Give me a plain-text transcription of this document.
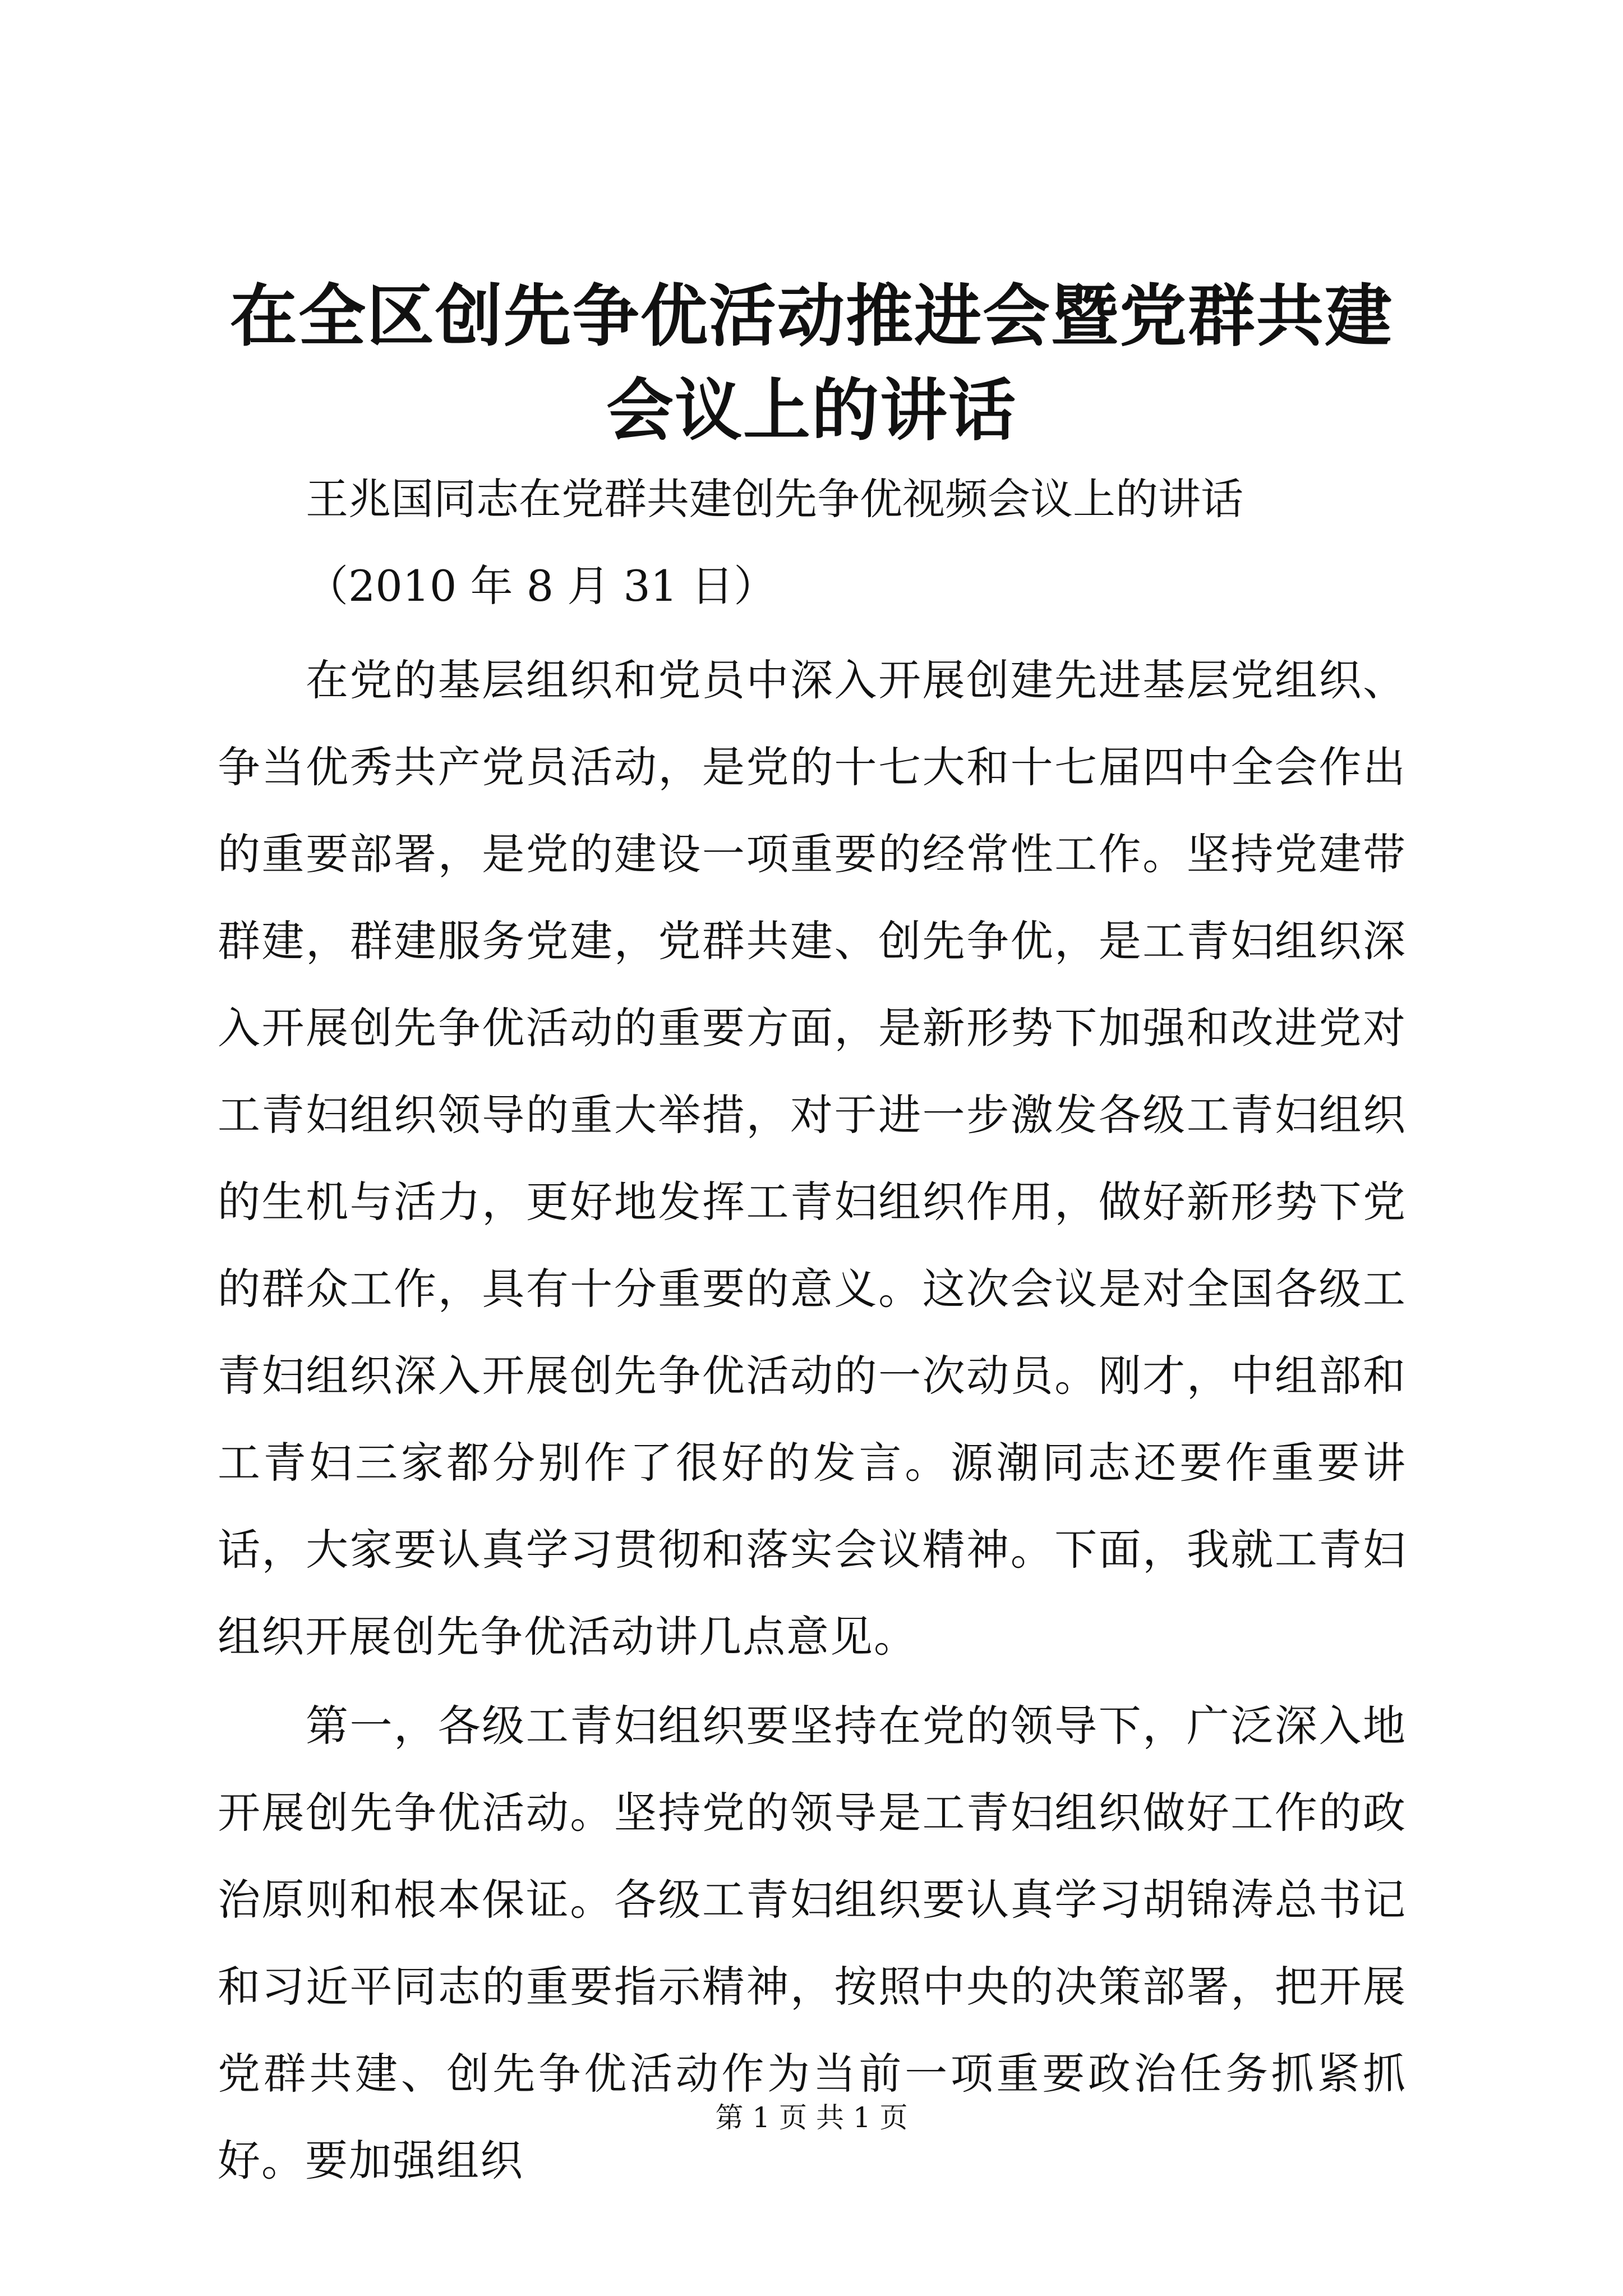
在全区创先争优活动推进会暨党群共建会议上的讲话

王兆国同志在党群共建创先争优视频会议上的讲话

（2010 年 8 月 31 日）

在党的基层组织和党员中深入开展创建先进基层党组织、争当优秀共产党员活动，是党的十七大和十七届四中全会作出的重要部署，是党的建设一项重要的经常性工作。坚持党建带群建，群建服务党建，党群共建、创先争优，是工青妇组织深入开展创先争优活动的重要方面，是新形势下加强和改进党对工青妇组织领导的重大举措，对于进一步激发各级工青妇组织的生机与活力，更好地发挥工青妇组织作用，做好新形势下党的群众工作，具有十分重要的意义。这次会议是对全国各级工青妇组织深入开展创先争优活动的一次动员。刚才，中组部和工青妇三家都分别作了很好的发言。源潮同志还要作重要讲话，大家要认真学习贯彻和落实会议精神。下面，我就工青妇组织开展创先争优活动讲几点意见。

第一，各级工青妇组织要坚持在党的领导下，广泛深入地开展创先争优活动。坚持党的领导是工青妇组织做好工作的政治原则和根本保证。各级工青妇组织要认真学习胡锦涛总书记和习近平同志的重要指示精神，按照中央的决策部署，把开展党群共建、创先争优活动作为当前一项重要政治任务抓紧抓好。要加强组织

第 1 页 共 1 页
